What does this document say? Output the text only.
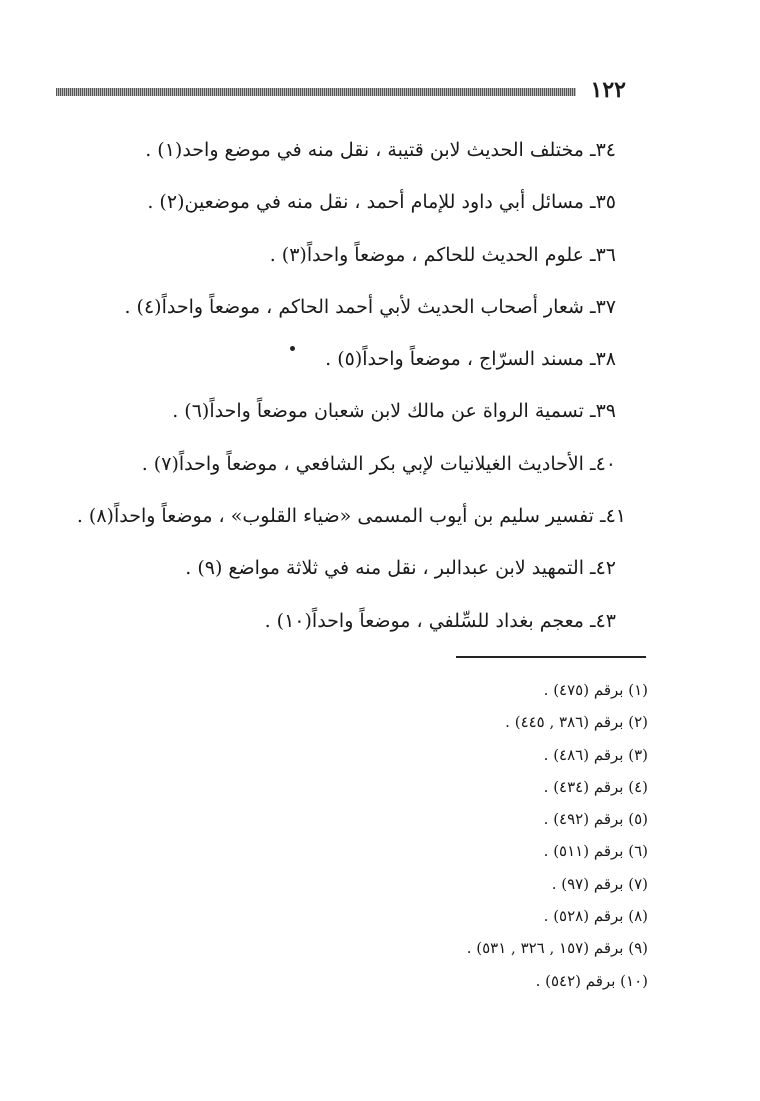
١٢٢
٣٤ـ مختلف الحديث لابن قتيبة ، نقل منه في موضع واحد(١) .
٣٥ـ مسائل أبي داود للإمام أحمد ، نقل منه في موضعين(٢) .
٣٦ـ علوم الحديث للحاكم ، موضعاً واحداً(٣) .
٣٧ـ شعار أصحاب الحديث لأبي أحمد الحاكم ، موضعاً واحداً(٤) .
٣٨ـ مسند السرّاج ، موضعاً واحداً(٥) .
٣٩ـ تسمية الرواة عن مالك لابن شعبان موضعاً واحداً(٦) .
٤٠ـ الأحاديث الغيلانيات لإبي بكر الشافعي ، موضعاً واحداً(٧) .
٤١ـ تفسير سليم بن أيوب المسمى «ضياء القلوب» ، موضعاً واحداً(٨) .
٤٢ـ التمهيد لابن عبدالبر ، نقل منه في ثلاثة مواضع (٩) .
٤٣ـ معجم بغداد للسِّلفي ، موضعاً واحداً(١٠) .
(١) برقم (٤٧٥) .
(٢) برقم (٣٨٦ , ٤٤٥) .
(٣) برقم (٤٨٦) .
(٤) برقم (٤٣٤) .
(٥) برقم (٤٩٢) .
(٦) برقم (٥١١) .
(٧) برقم (٩٧) .
(٨) برقم (٥٢٨) .
(٩) برقم (١٥٧ , ٣٢٦ , ٥٣١) .
(١٠) برقم (٥٤٢) .
